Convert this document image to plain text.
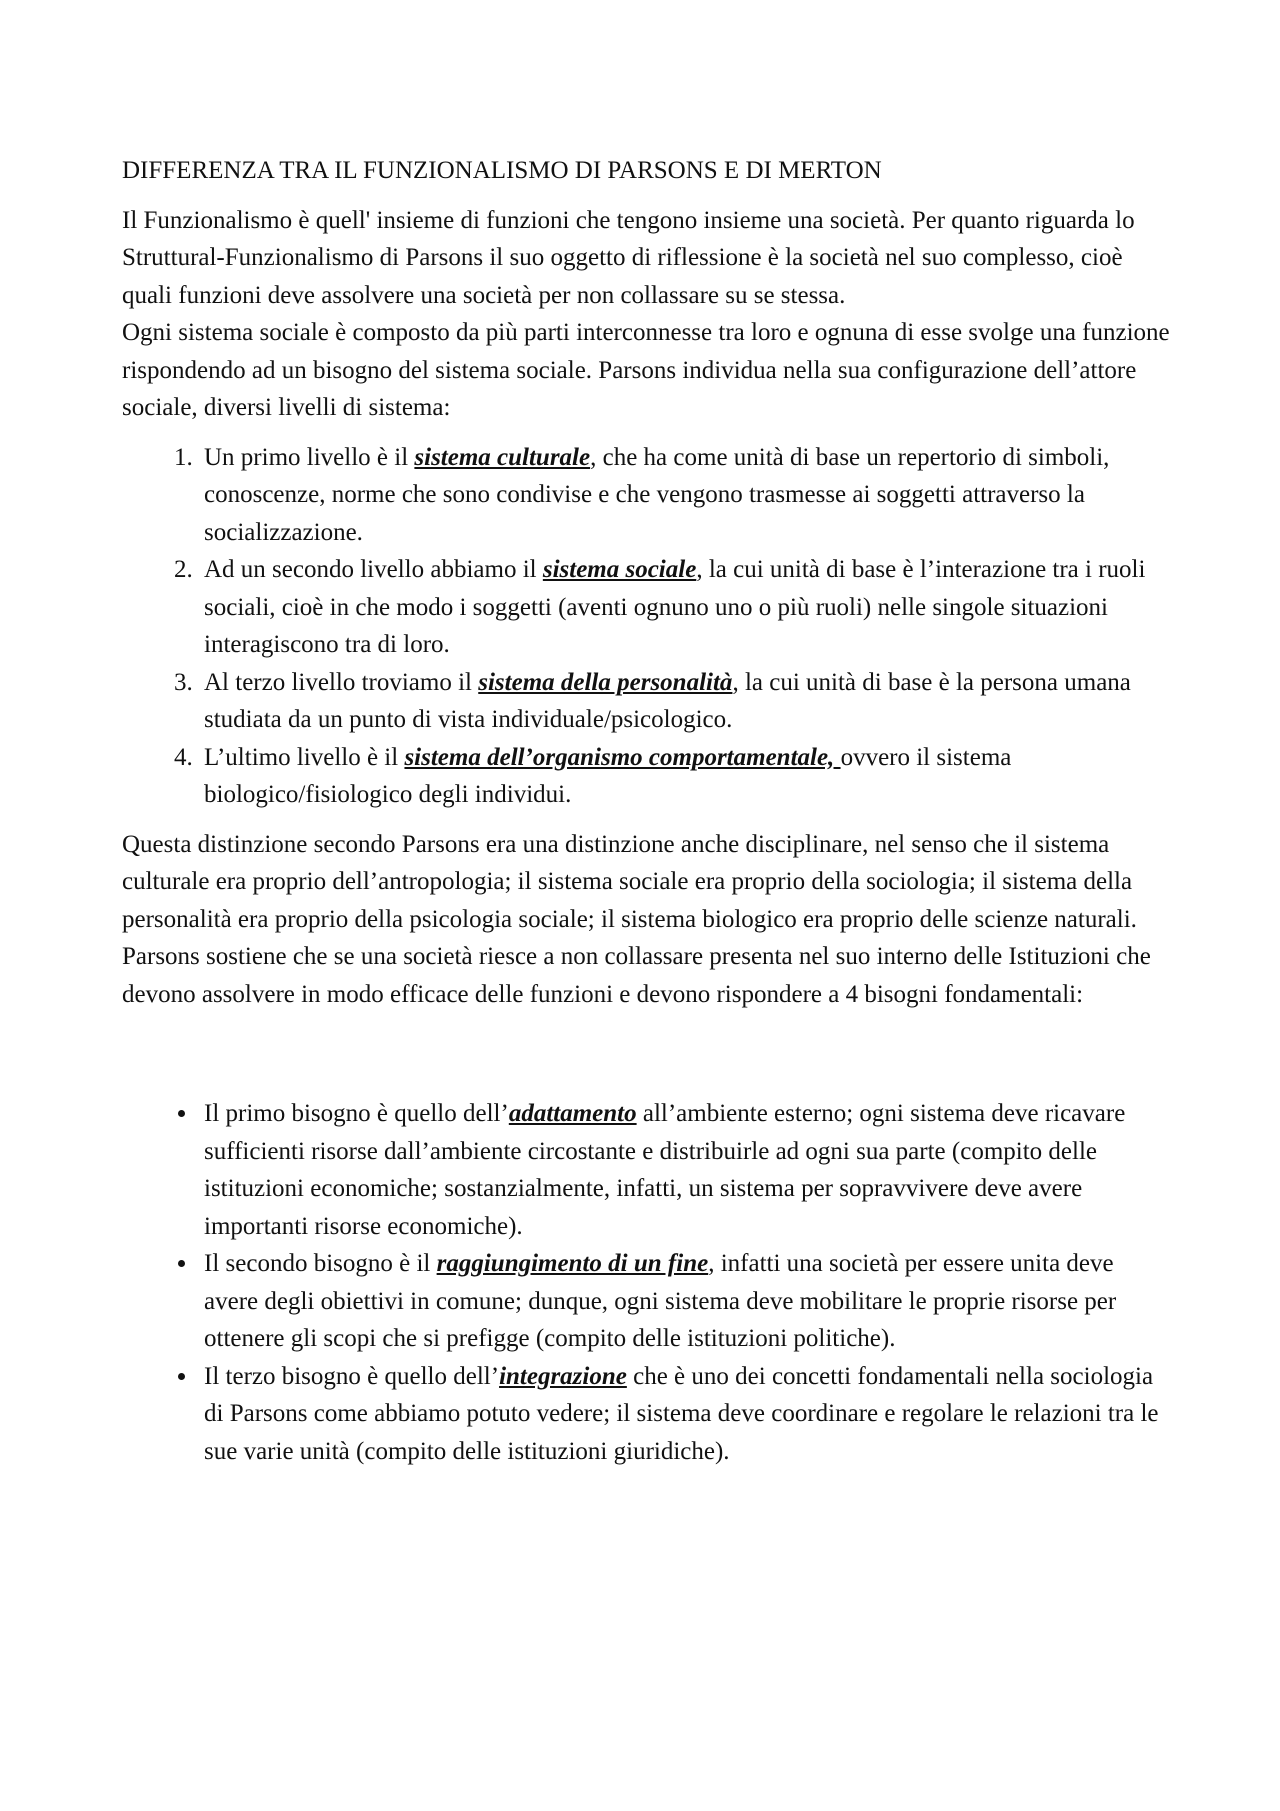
DIFFERENZA TRA IL FUNZIONALISMO DI PARSONS E DI MERTON

Il Funzionalismo è quell' insieme di funzioni che tengono insieme una società. Per quanto riguarda lo Struttural-Funzionalismo di Parsons il suo oggetto di riflessione è la società nel suo complesso, cioè quali funzioni deve assolvere una società per non collassare su se stessa.

Ogni sistema sociale è composto da più parti interconnesse tra loro e ognuna di esse svolge una funzione rispondendo ad un bisogno del sistema sociale. Parsons individua nella sua configurazione dell’attore sociale, diversi livelli di sistema:

1. Un primo livello è il sistema culturale, che ha come unità di base un repertorio di simboli, conoscenze, norme che sono condivise e che vengono trasmesse ai soggetti attraverso la socializzazione.
2. Ad un secondo livello abbiamo il sistema sociale, la cui unità di base è l’interazione tra i ruoli sociali, cioè in che modo i soggetti (aventi ognuno uno o più ruoli) nelle singole situazioni interagiscono tra di loro.
3. Al terzo livello troviamo il sistema della personalità, la cui unità di base è la persona umana studiata da un punto di vista individuale/psicologico.
4. L’ultimo livello è il sistema dell’organismo comportamentale, ovvero il sistema biologico/fisiologico degli individui.

Questa distinzione secondo Parsons era una distinzione anche disciplinare, nel senso che il sistema culturale era proprio dell’antropologia; il sistema sociale era proprio della sociologia; il sistema della personalità era proprio della psicologia sociale; il sistema biologico era proprio delle scienze naturali.

Parsons sostiene che se una società riesce a non collassare presenta nel suo interno delle Istituzioni che devono assolvere in modo efficace delle funzioni e devono rispondere a 4 bisogni fondamentali:

• Il primo bisogno è quello dell’adattamento all’ambiente esterno; ogni sistema deve ricavare sufficienti risorse dall’ambiente circostante e distribuirle ad ogni sua parte (compito delle istituzioni economiche; sostanzialmente, infatti, un sistema per sopravvivere deve avere importanti risorse economiche).
• Il secondo bisogno è il raggiungimento di un fine, infatti una società per essere unita deve avere degli obiettivi in comune; dunque, ogni sistema deve mobilitare le proprie risorse per ottenere gli scopi che si prefigge (compito delle istituzioni politiche).
• Il terzo bisogno è quello dell’integrazione che è uno dei concetti fondamentali nella sociologia di Parsons come abbiamo potuto vedere; il sistema deve coordinare e regolare le relazioni tra le sue varie unità (compito delle istituzioni giuridiche).
